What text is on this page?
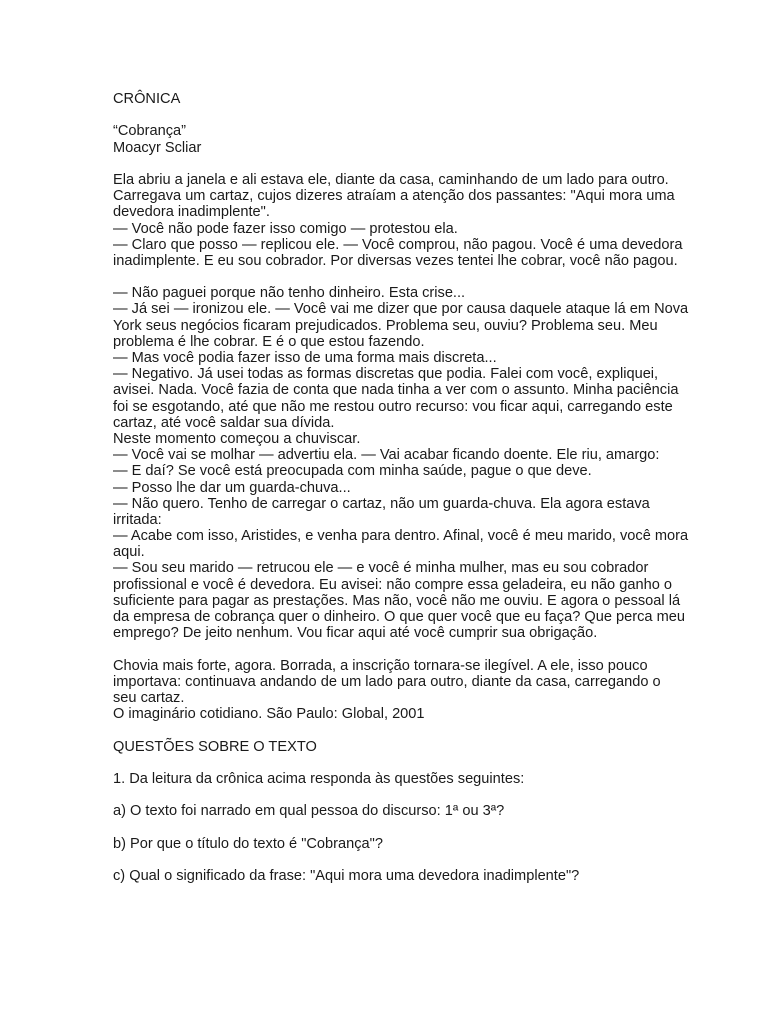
CRÔNICA
“Cobrança”
Moacyr Scliar
Ela abriu a janela e ali estava ele, diante da casa, caminhando de um lado para outro.
Carregava um cartaz, cujos dizeres atraíam a atenção dos passantes: "Aqui mora uma
devedora inadimplente".
— Você não pode fazer isso comigo — protestou ela.
— Claro que posso — replicou ele. — Você comprou, não pagou. Você é uma devedora
inadimplente. E eu sou cobrador. Por diversas vezes tentei lhe cobrar, você não pagou.
— Não paguei porque não tenho dinheiro. Esta crise...
— Já sei — ironizou ele. — Você vai me dizer que por causa daquele ataque lá em Nova
York seus negócios ficaram prejudicados. Problema seu, ouviu? Problema seu. Meu
problema é lhe cobrar. E é o que estou fazendo.
— Mas você podia fazer isso de uma forma mais discreta...
— Negativo. Já usei todas as formas discretas que podia. Falei com você, expliquei,
avisei. Nada. Você fazia de conta que nada tinha a ver com o assunto. Minha paciência
foi se esgotando, até que não me restou outro recurso: vou ficar aqui, carregando este
cartaz, até você saldar sua dívida.
Neste momento começou a chuviscar.
— Você vai se molhar — advertiu ela. — Vai acabar ficando doente. Ele riu, amargo:
— E daí? Se você está preocupada com minha saúde, pague o que deve.
— Posso lhe dar um guarda-chuva...
— Não quero. Tenho de carregar o cartaz, não um guarda-chuva. Ela agora estava
irritada:
— Acabe com isso, Aristides, e venha para dentro. Afinal, você é meu marido, você mora
aqui.
— Sou seu marido — retrucou ele — e você é minha mulher, mas eu sou cobrador
profissional e você é devedora. Eu avisei: não compre essa geladeira, eu não ganho o
suficiente para pagar as prestações. Mas não, você não me ouviu. E agora o pessoal lá
da empresa de cobrança quer o dinheiro. O que quer você que eu faça? Que perca meu
emprego? De jeito nenhum. Vou ficar aqui até você cumprir sua obrigação.
Chovia mais forte, agora. Borrada, a inscrição tornara-se ilegível. A ele, isso pouco
importava: continuava andando de um lado para outro, diante da casa, carregando o
seu cartaz.
O imaginário cotidiano. São Paulo: Global, 2001
QUESTÕES SOBRE O TEXTO
1. Da leitura da crônica acima responda às questões seguintes:
a) O texto foi narrado em qual pessoa do discurso: 1ª ou 3ª?
b) Por que o título do texto é "Cobrança"?
c) Qual o significado da frase: "Aqui mora uma devedora inadimplente"?
